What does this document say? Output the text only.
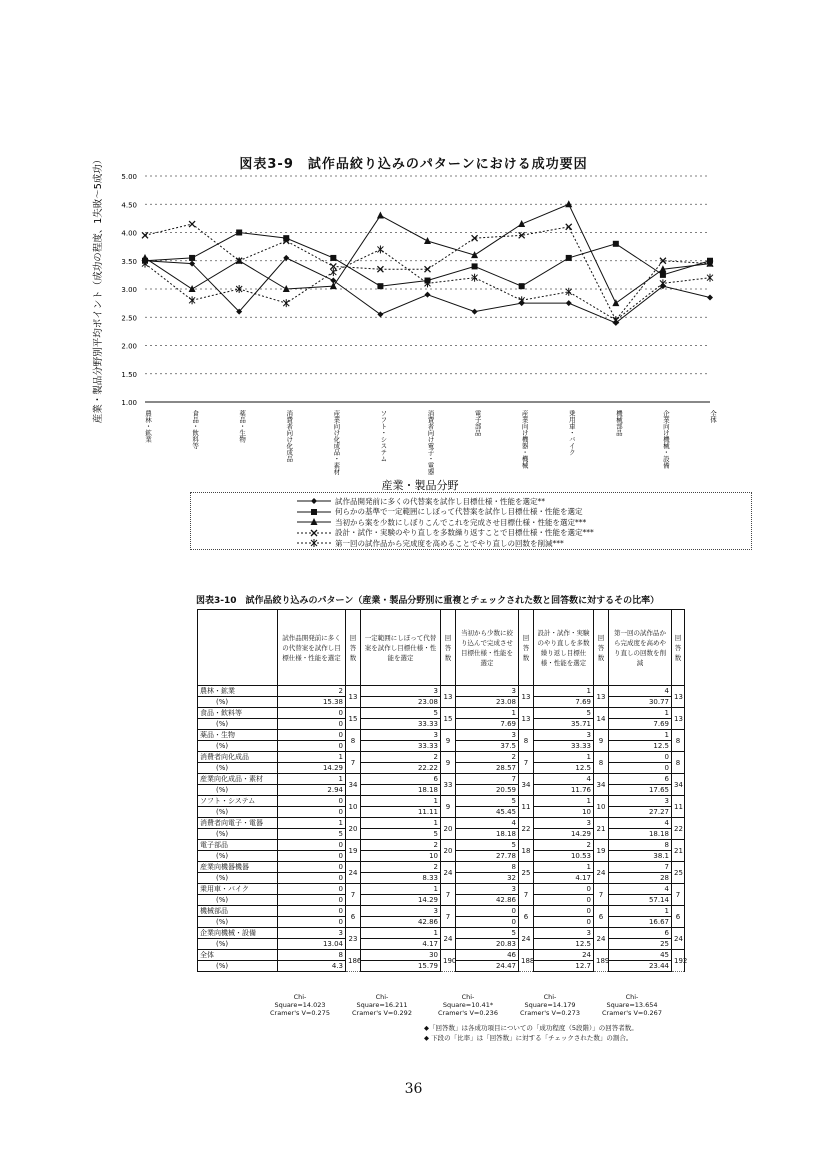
図表3-9　試作品絞り込みのパターンにおける成功要因
1.00
1.50
2.00
2.50
3.00
3.50
4.00
4.50
5.00
農林・鉱業	食品・飲料等	薬品・生物	消費者向け化成品	産業向け化成品・素材	ソフト・システム	消費者向け電子・電器	電子部品	産業向け機器・機械	乗用車・バイク	機械部品	企業向け機械・設備	全体
産業・製品分野別平均ポイント（成功の程度、1失敗〜5成功）
産業・製品分野
試作品開発前に多くの代替案を試作し目標仕様・性能を選定**
何らかの基準で一定範囲にしぼって代替案を試作し目標仕様・性能を選定
当初から案を少数にしぼりこんでこれを完成させ目標仕様・性能を選定***
設計・試作・実験のやり直しを多数繰り返すことで目標仕様・性能を選定***
第一回の試作品から完成度を高めることでやり直しの回数を削減***
図表3-10　試作品絞り込みのパターン（産業・製品分野別に重複とチェックされた数と回答数に対するその比率）
	試作品開発前に多くの代替案を試作し目標仕様・性能を選定	回答数	一定範囲にしぼって代替案を試作し目標仕様・性能を選定	回答数	当初から少数に絞り込んで完成させ目標仕様・性能を選定	回答数	設計・試作・実験のやり直しを多数繰り返し目標仕様・性能を選定	回答数	第一回の試作品から完成度を高めやり直しの回数を削減	回答数
農林・鉱業	2	13	3	13	3	13	1	13	4	13
(%)	15.38		23.08		23.08		7.69		30.77	
食品・飲料等	0	15	5	15	1	13	5	14	1	13
(%)	0		33.33		7.69		35.71		7.69	
薬品・生物	0	8	3	9	3	8	3	9	1	8
(%)	0		33.33		37.5		33.33		12.5	
消費者向化成品	1	7	2	9	2	7	1	8	0	8
(%)	14.29		22.22		28.57		12.5		0	
産業向化成品・素材	1	34	6	33	7	34	4	34	6	34
(%)	2.94		18.18		20.59		11.76		17.65	
ソフト・システム	0	10	1	9	5	11	1	10	3	11
(%)	0		11.11		45.45		10		27.27	
消費者向電子・電器	1	20	1	20	4	22	3	21	4	22
(%)	5		5		18.18		14.29		18.18	
電子部品	0	19	2	20	5	18	2	19	8	21
(%)	0		10		27.78		10.53		38.1	
産業向機器機器	0	24	2	24	8	25	1	24	7	25
(%)	0		8.33		32		4.17		28	
乗用車・バイク	0	7	1	7	3	7	0	7	4	7
(%)	0		14.29		42.86		0		57.14	
機械部品	0	6	3	7	0	6	0	6	1	6
(%)	0		42.86		0		0		16.67	
企業向機械・設備	3	23	1	24	5	24	3	24	6	24
(%)	13.04		4.17		20.83		12.5		25	
全体	8	186	30	190	46	188	24	189	45	192
(%)	4.3		15.79		24.47		12.7		23.44	
Chi-Square=14.023 Cramer's V=0.275
Chi-Square=16.211 Cramer's V=0.292
Chi-Square=10.41* Cramer's V=0.236
Chi-Square=14.179 Cramer's V=0.273
Chi-Square=13.654 Cramer's V=0.267
◆「回答数」は各成功項目についての「成功程度（5段階）」の回答者数。
◆ 下段の「比率」は「回答数」に対する「チェックされた数」の割合。
36
